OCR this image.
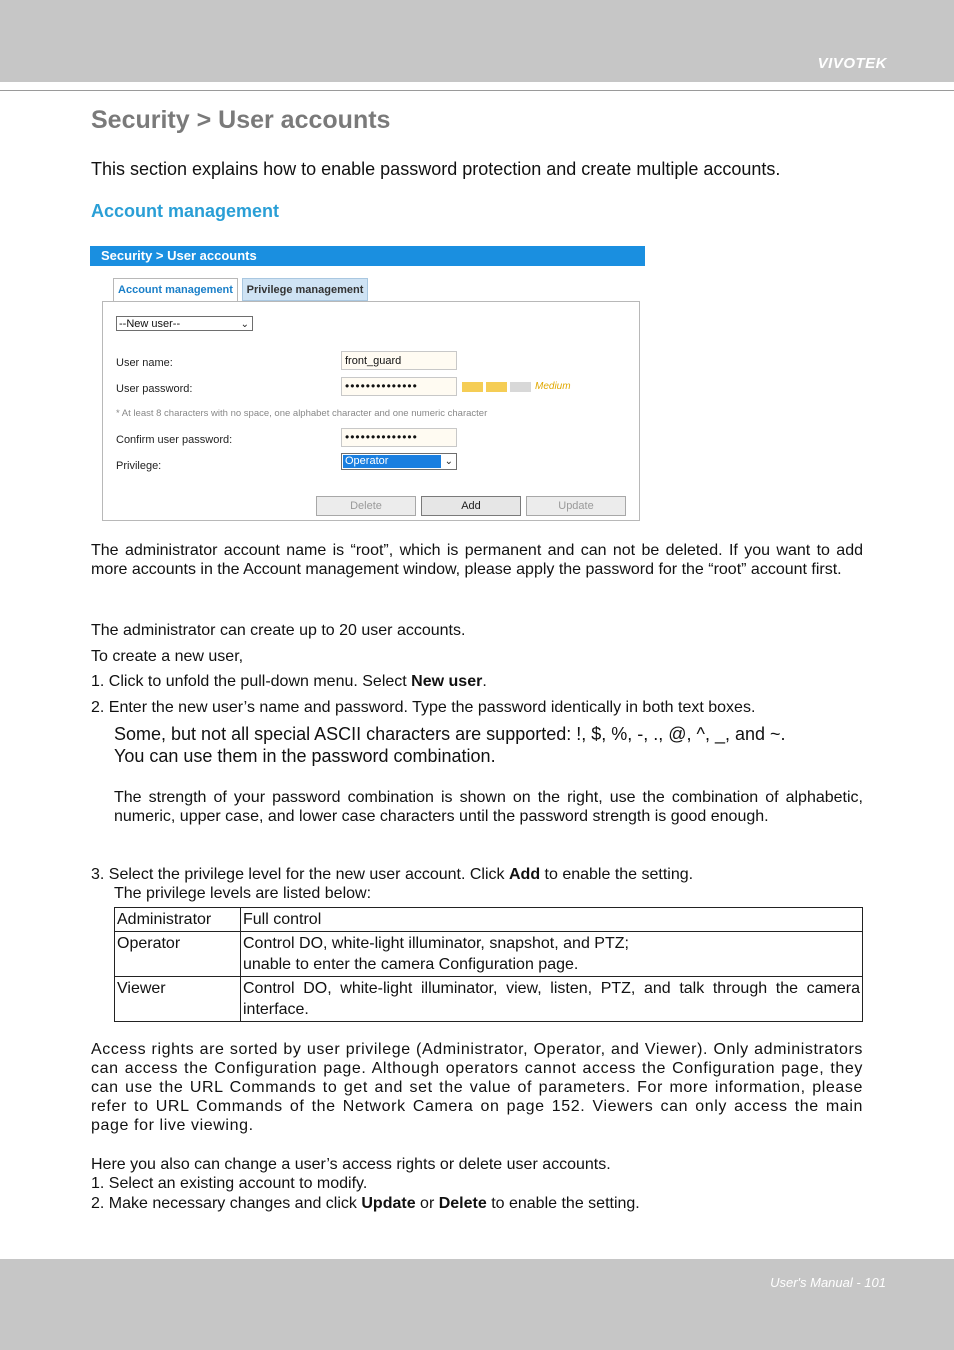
VIVOTEK
Security > User accounts
This section explains how to enable password protection and create multiple accounts.
Account management
Security > User accounts
Account management	Privilege management
--New user--	⌄
User name:	front_guard
User password:	••••••••••••••	Medium
* At least 8 characters with no space, one alphabet character and one numeric character
Confirm user password:	••••••••••••••
Privilege:	Operator	⌄
Delete	Add	Update
The administrator account name is “root”, which is permanent and can not be deleted. If you want to add more accounts in the Account management window, please apply the password for the “root” account first.
The administrator can create up to 20 user accounts.
To create a new user,
1. Click to unfold the pull-down menu. Select New user.
2. Enter the new user’s name and password. Type the password identically in both text boxes.
Some, but not all special ASCII characters are supported: !, $, %, -, ., @, ^, _, and ~.
You can use them in the password combination.
The strength of your password combination is shown on the right, use the combination of alphabetic, numeric, upper case, and lower case characters until the password strength is good enough.
3. Select the privilege level for the new user account. Click Add to enable the setting.
The privilege levels are listed below:
Administrator	Full control
Operator	Control DO, white-light illuminator, snapshot, and PTZ;
unable to enter the camera Configuration page.
Viewer	Control DO, white-light illuminator, view, listen, PTZ, and talk through the camera interface.
Access rights are sorted by user privilege (Administrator, Operator, and Viewer). Only administrators can access the Configuration page. Although operators cannot access the Configuration page, they can use the URL Commands to get and set the value of parameters. For more information, please refer to URL Commands of the Network Camera on page 152. Viewers can only access the main page for live viewing.
Here you also can change a user’s access rights or delete user accounts.
1. Select an existing account to modify.
2. Make necessary changes and click Update or Delete to enable the setting.
User's Manual - 101
